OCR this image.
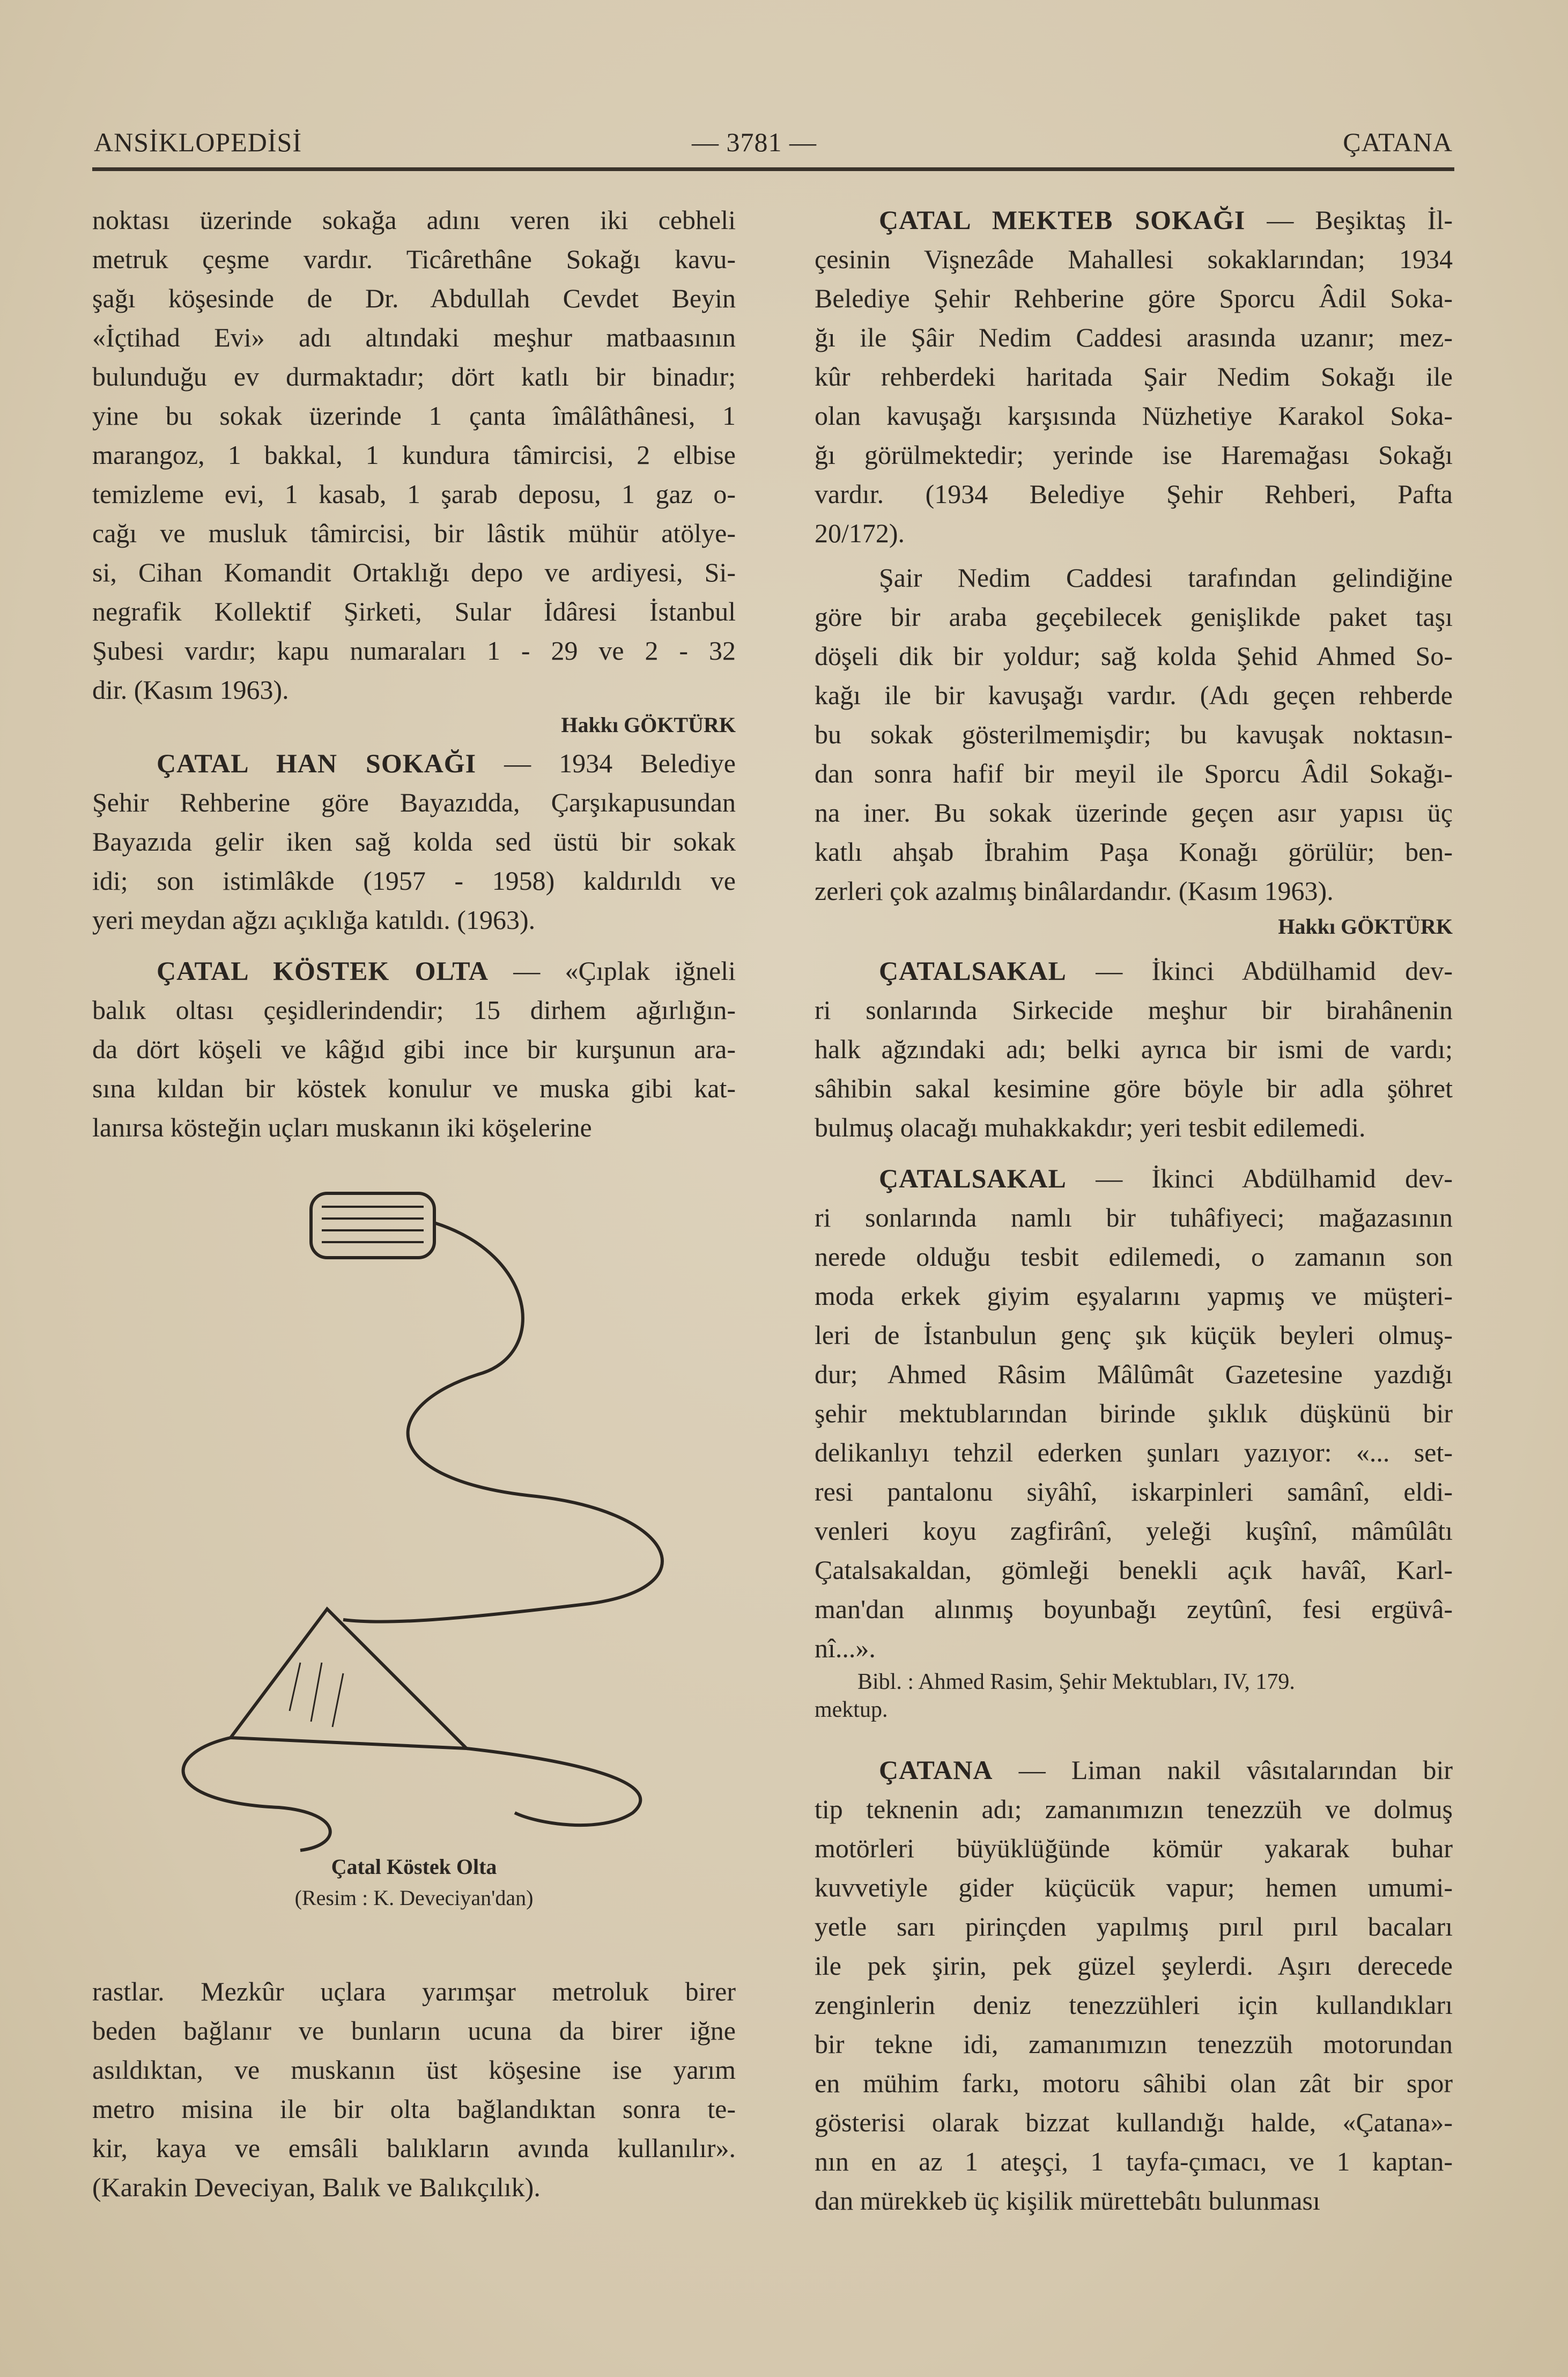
ANSİKLOPEDİSİ	— 3781 —	ÇATANA
noktası üzerinde sokağa adını veren iki cebheli
metruk çeşme vardır. Ticârethâne Sokağı kavu-
şağı köşesinde de Dr. Abdullah Cevdet Beyin
«İçtihad Evi» adı altındaki meşhur matbaasının
bulunduğu ev durmaktadır; dört katlı bir binadır;
yine bu sokak üzerinde 1 çanta îmâlâthânesi, 1
marangoz, 1 bakkal, 1 kundura tâmircisi, 2 elbise
temizleme evi, 1 kasab, 1 şarab deposu, 1 gaz o-
cağı ve musluk tâmircisi, bir lâstik mühür atölye-
si, Cihan Komandit Ortaklığı depo ve ardiyesi, Si-
negrafik Kollektif Şirketi, Sular İdâresi İstanbul
Şubesi vardır; kapu numaraları 1 - 29 ve 2 - 32
dir. (Kasım 1963).
Hakkı GÖKTÜRK
ÇATAL HAN SOKAĞI — 1934 Belediye
Şehir Rehberine göre Bayazıdda, Çarşıkapusundan
Bayazıda gelir iken sağ kolda sed üstü bir sokak
idi; son istimlâkde (1957 - 1958) kaldırıldı ve
yeri meydan ağzı açıklığa katıldı. (1963).
ÇATAL KÖSTEK OLTA — «Çıplak iğneli
balık oltası çeşidlerindendir; 15 dirhem ağırlığın-
da dört köşeli ve kâğıd gibi ince bir kurşunun ara-
sına kıldan bir köstek konulur ve muska gibi kat-
lanırsa kösteğin uçları muskanın iki köşelerine
Çatal Köstek Olta
(Resim : K. Deveciyan'dan)
rastlar. Mezkûr uçlara yarımşar metroluk birer
beden bağlanır ve bunların ucuna da birer iğne
asıldıktan, ve muskanın üst köşesine ise yarım
metro misina ile bir olta bağlandıktan sonra te-
kir, kaya ve emsâli balıkların avında kullanılır».
(Karakin Deveciyan, Balık ve Balıkçılık).
ÇATAL MEKTEB SOKAĞI — Beşiktaş İl-
çesinin Vişnezâde Mahallesi sokaklarından; 1934
Belediye Şehir Rehberine göre Sporcu Âdil Soka-
ğı ile Şâir Nedim Caddesi arasında uzanır; mez-
kûr rehberdeki haritada Şair Nedim Sokağı ile
olan kavuşağı karşısında Nüzhetiye Karakol Soka-
ğı görülmektedir; yerinde ise Haremağası Sokağı
vardır. (1934 Belediye Şehir Rehberi, Pafta
20/172).
Şair Nedim Caddesi tarafından gelindiğine
göre bir araba geçebilecek genişlikde paket taşı
döşeli dik bir yoldur; sağ kolda Şehid Ahmed So-
kağı ile bir kavuşağı vardır. (Adı geçen rehberde
bu sokak gösterilmemişdir; bu kavuşak noktasın-
dan sonra hafif bir meyil ile Sporcu Âdil Sokağı-
na iner. Bu sokak üzerinde geçen asır yapısı üç
katlı ahşab İbrahim Paşa Konağı görülür; ben-
zerleri çok azalmış binâlardandır. (Kasım 1963).
Hakkı GÖKTÜRK
ÇATALSAKAL — İkinci Abdülhamid dev-
ri sonlarında Sirkecide meşhur bir birahânenin
halk ağzındaki adı; belki ayrıca bir ismi de vardı;
sâhibin sakal kesimine göre böyle bir adla şöhret
bulmuş olacağı muhakkakdır; yeri tesbit edilemedi.
ÇATALSAKAL — İkinci Abdülhamid dev-
ri sonlarında namlı bir tuhâfiyeci; mağazasının
nerede olduğu tesbit edilemedi, o zamanın son
moda erkek giyim eşyalarını yapmış ve müşteri-
leri de İstanbulun genç şık küçük beyleri olmuş-
dur; Ahmed Râsim Mâlûmât Gazetesine yazdığı
şehir mektublarından birinde şıklık düşkünü bir
delikanlıyı tehzil ederken şunları yazıyor: «... set-
resi pantalonu siyâhî, iskarpinleri samânî, eldi-
venleri koyu zagfirânî, yeleği kuşînî, mâmûlâtı
Çatalsakaldan, gömleği benekli açık havâî, Karl-
man'dan alınmış boyunbağı zeytûnî, fesi ergüvâ-
nî...».
Bibl. : Ahmed Rasim, Şehir Mektubları, IV, 179.
mektup.
ÇATANA — Liman nakil vâsıtalarından bir
tip teknenin adı; zamanımızın tenezzüh ve dolmuş
motörleri büyüklüğünde kömür yakarak buhar
kuvvetiyle gider küçücük vapur; hemen umumi-
yetle sarı pirinçden yapılmış pırıl pırıl bacaları
ile pek şirin, pek güzel şeylerdi. Aşırı derecede
zenginlerin deniz tenezzühleri için kullandıkları
bir tekne idi, zamanımızın tenezzüh motorundan
en mühim farkı, motoru sâhibi olan zât bir spor
gösterisi olarak bizzat kullandığı halde, «Çatana»-
nın en az 1 ateşçi, 1 tayfa-çımacı, ve 1 kaptan-
dan mürekkeb üç kişilik mürettebâtı bulunması
